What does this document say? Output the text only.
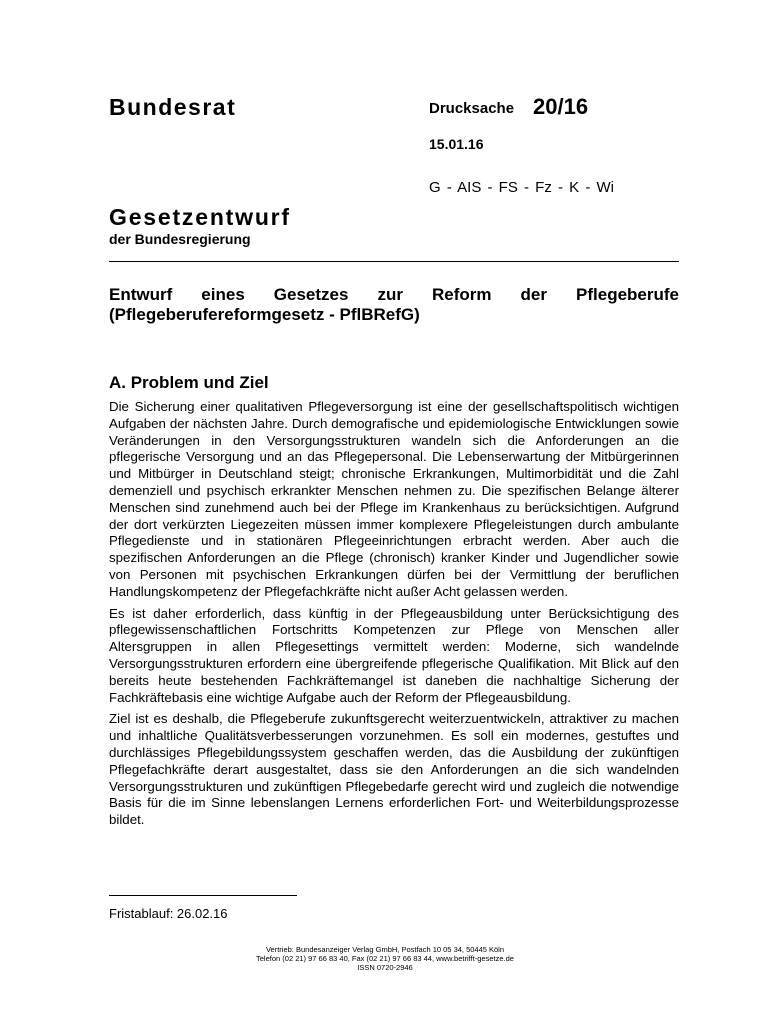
Bundesrat	Drucksache 20/16
15.01.16
G - AIS - FS - Fz - K - Wi
Gesetzentwurf
der Bundesregierung
Entwurf eines Gesetzes zur Reform der Pflegeberufe
(Pflegeberufereformgesetz - PflBRefG)
A. Problem und Ziel

Die Sicherung einer qualitativen Pflegeversorgung ist eine der gesellschaftspolitisch wichtigen Aufgaben der nächsten Jahre. Durch demografische und epidemiologische Entwicklungen sowie Veränderungen in den Versorgungsstrukturen wandeln sich die Anforderungen an die pflegerische Versorgung und an das Pflegepersonal. Die Lebenserwartung der Mitbürgerinnen und Mitbürger in Deutschland steigt; chronische Erkrankungen, Multimorbidität und die Zahl demenziell und psychisch erkrankter Menschen nehmen zu. Die spezifischen Belange älterer Menschen sind zunehmend auch bei der Pflege im Krankenhaus zu berücksichtigen. Aufgrund der dort verkürzten Liegezeiten müssen immer komplexere Pflegeleistungen durch ambulante Pflegedienste und in stationären Pflegeeinrichtungen erbracht werden. Aber auch die spezifischen Anforderungen an die Pflege (chronisch) kranker Kinder und Jugendlicher sowie von Personen mit psychischen Erkrankungen dürfen bei der Vermittlung der beruflichen Handlungskompetenz der Pflegefachkräfte nicht außer Acht gelassen werden.

Es ist daher erforderlich, dass künftig in der Pflegeausbildung unter Berücksichtigung des pflegewissenschaftlichen Fortschritts Kompetenzen zur Pflege von Menschen aller Altersgruppen in allen Pflegesettings vermittelt werden: Moderne, sich wandelnde Versorgungsstrukturen erfordern eine übergreifende pflegerische Qualifikation. Mit Blick auf den bereits heute bestehenden Fachkräftemangel ist daneben die nachhaltige Sicherung der Fachkräftebasis eine wichtige Aufgabe auch der Reform der Pflegeausbildung.

Ziel ist es deshalb, die Pflegeberufe zukunftsgerecht weiterzuentwickeln, attraktiver zu machen und inhaltliche Qualitätsverbesserungen vorzunehmen. Es soll ein modernes, gestuftes und durchlässiges Pflegebildungssystem geschaffen werden, das die Ausbildung der zukünftigen Pflegefachkräfte derart ausgestaltet, dass sie den Anforderungen an die sich wandelnden Versorgungsstrukturen und zukünftigen Pflegebedarfe gerecht wird und zugleich die notwendige Basis für die im Sinne lebenslangen Lernens erforderlichen Fort- und Weiterbildungsprozesse bildet.

Fristablauf: 26.02.16
Vertrieb: Bundesanzeiger Verlag GmbH, Postfach 10 05 34, 50445 Köln
Telefon (02 21) 97 66 83 40, Fax (02 21) 97 66 83 44, www.betrifft-gesetze.de
ISSN 0720-2946
